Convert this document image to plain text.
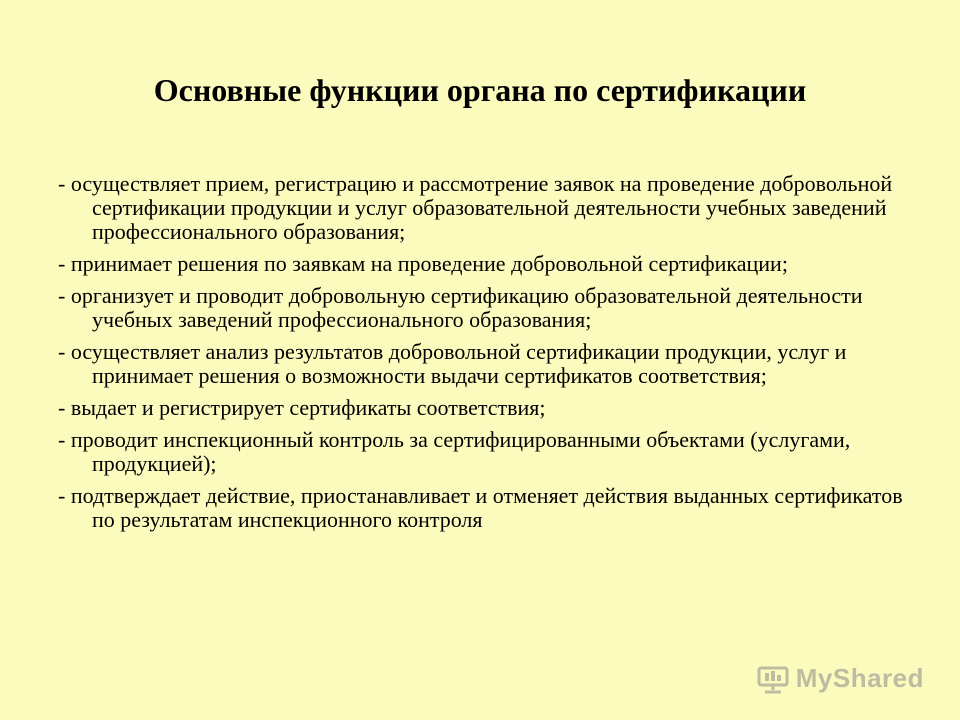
Основные функции органа по сертификации
- осуществляет прием, регистрацию и рассмотрение заявок на проведение добровольной сертификации продукции и услуг образовательной деятельности учебных заведений профессионального образования;
- принимает решения по заявкам на проведение добровольной сертификации;
- организует и проводит добровольную сертификацию образовательной деятельности учебных заведений профессионального образования;
- осуществляет анализ результатов добровольной сертификации продукции, услуг и принимает решения о возможности выдачи сертификатов соответствия;
- выдает и регистрирует сертификаты соответствия;
- проводит инспекционный контроль за сертифицированными объектами (услугами, продукцией);
- подтверждает действие, приостанавливает и отменяет действия выданных сертификатов по результатам инспекционного контроля
MyShared
